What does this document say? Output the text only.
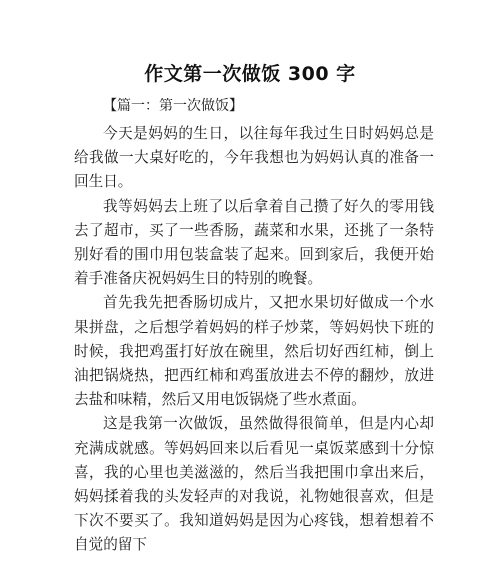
作文第一次做饭 300 字
【篇一：第一次做饭】

今天是妈妈的生日，以往每年我过生日时妈妈总是给我做一大桌好吃的，今年我想也为妈妈认真的准备一回生日。

我等妈妈去上班了以后拿着自己攒了好久的零用钱去了超市，买了一些香肠，蔬菜和水果，还挑了一条特别好看的围巾用包装盒装了起来。回到家后，我便开始着手准备庆祝妈妈生日的特别的晚餐。

首先我先把香肠切成片，又把水果切好做成一个水果拼盘，之后想学着妈妈的样子炒菜，等妈妈快下班的时候，我把鸡蛋打好放在碗里，然后切好西红柿，倒上油把锅烧热，把西红柿和鸡蛋放进去不停的翻炒，放进去盐和味精，然后又用电饭锅烧了些水煮面。

这是我第一次做饭，虽然做得很简单，但是内心却充满成就感。等妈妈回来以后看见一桌饭菜感到十分惊喜，我的心里也美滋滋的，然后当我把围巾拿出来后，妈妈揉着我的头发轻声的对我说，礼物她很喜欢，但是下次不要买了。我知道妈妈是因为心疼钱，想着想着不自觉的留下
